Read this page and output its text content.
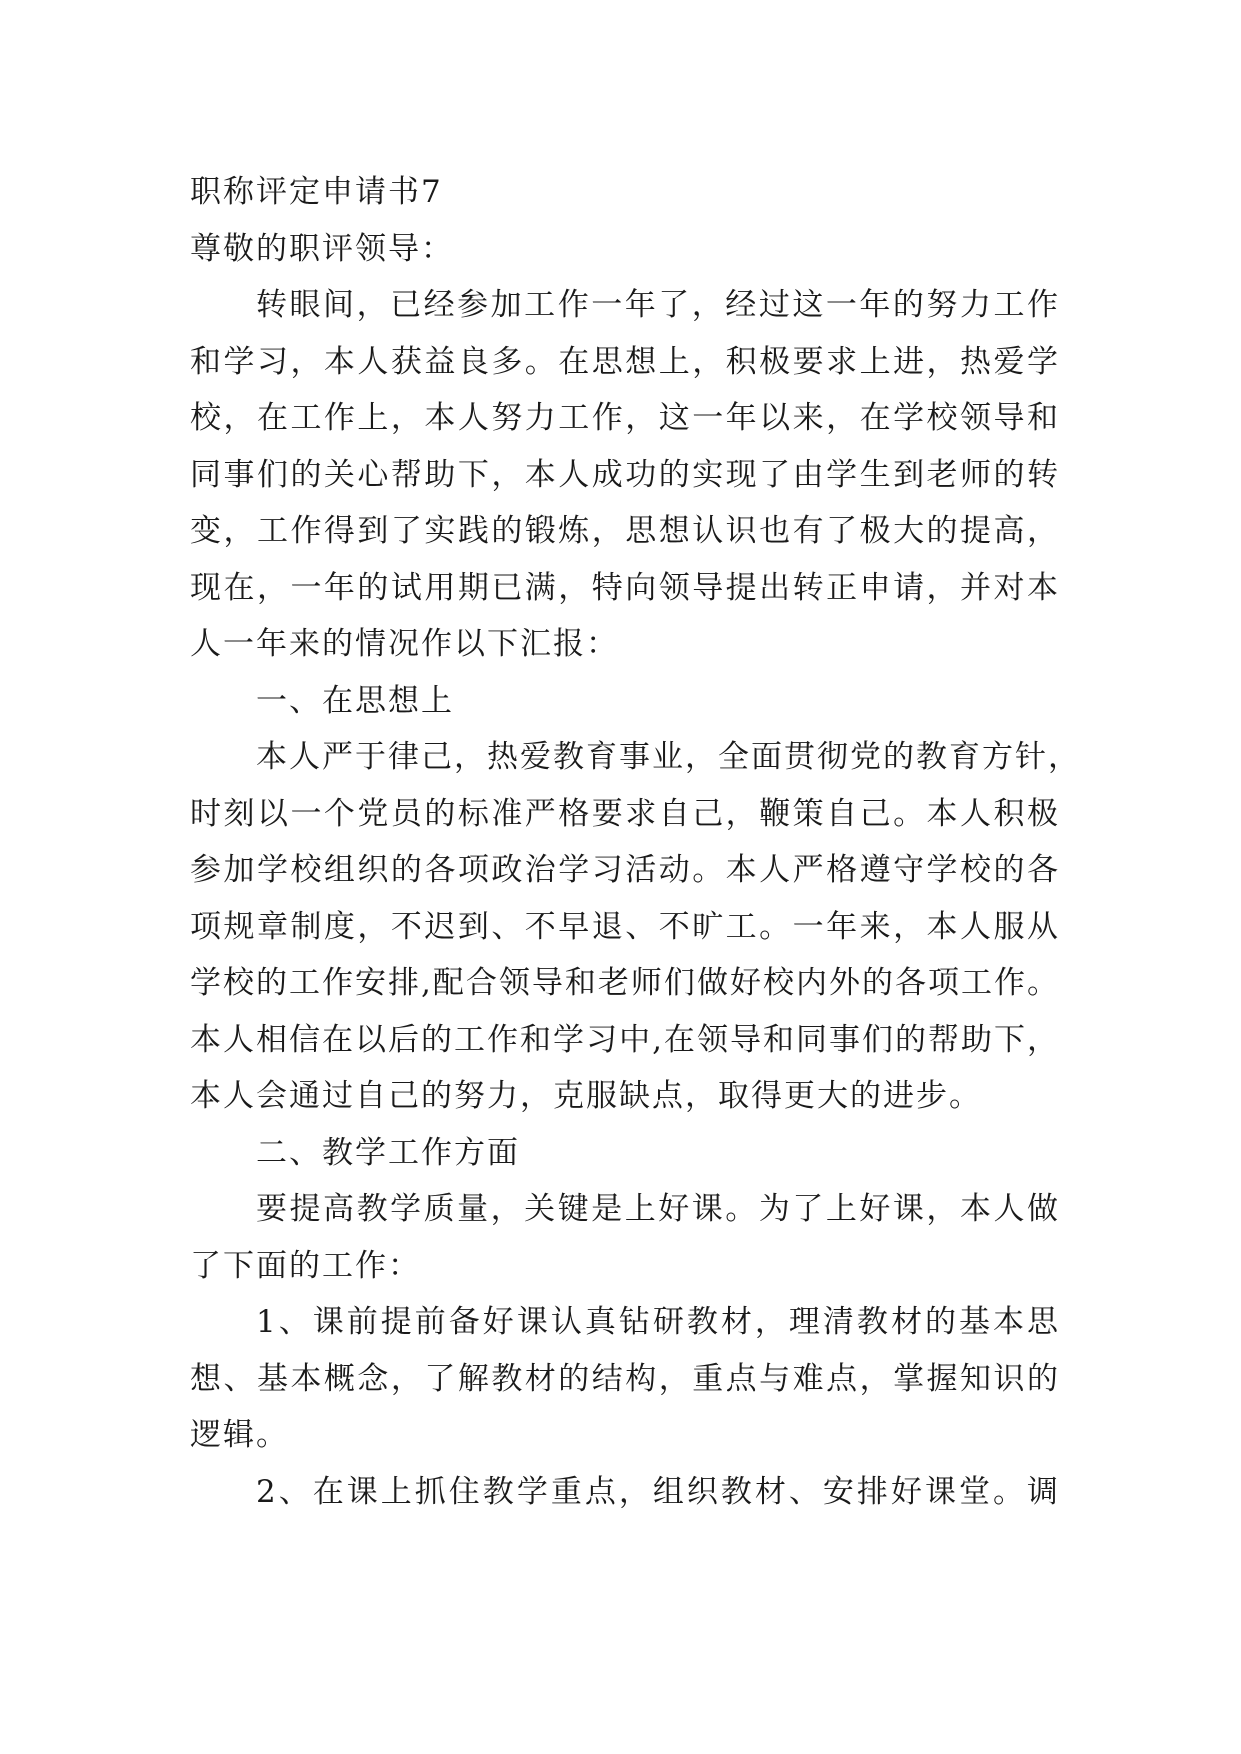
职称评定申请书7
尊敬的职评领导：
转眼间，已经参加工作一年了，经过这一年的努力工作
和学习，本人获益良多。在思想上，积极要求上进，热爱学
校，在工作上，本人努力工作，这一年以来，在学校领导和
同事们的关心帮助下，本人成功的实现了由学生到老师的转
变，工作得到了实践的锻炼，思想认识也有了极大的提高，
现在，一年的试用期已满，特向领导提出转正申请，并对本
人一年来的情况作以下汇报：
一、在思想上
本人严于律己，热爱教育事业，全面贯彻党的教育方针，
时刻以一个党员的标准严格要求自己，鞭策自己。本人积极
参加学校组织的各项政治学习活动。本人严格遵守学校的各
项规章制度，不迟到、不早退、不旷工。一年来，本人服从
学校的工作安排,配合领导和老师们做好校内外的各项工作。
本人相信在以后的工作和学习中,在领导和同事们的帮助下，
本人会通过自己的努力，克服缺点，取得更大的进步。
二、教学工作方面
要提高教学质量，关键是上好课。为了上好课，本人做
了下面的工作：
1、课前提前备好课认真钻研教材，理清教材的基本思
想、基本概念，了解教材的结构，重点与难点，掌握知识的
逻辑。
2、在课上抓住教学重点，组织教材、安排好课堂。调
